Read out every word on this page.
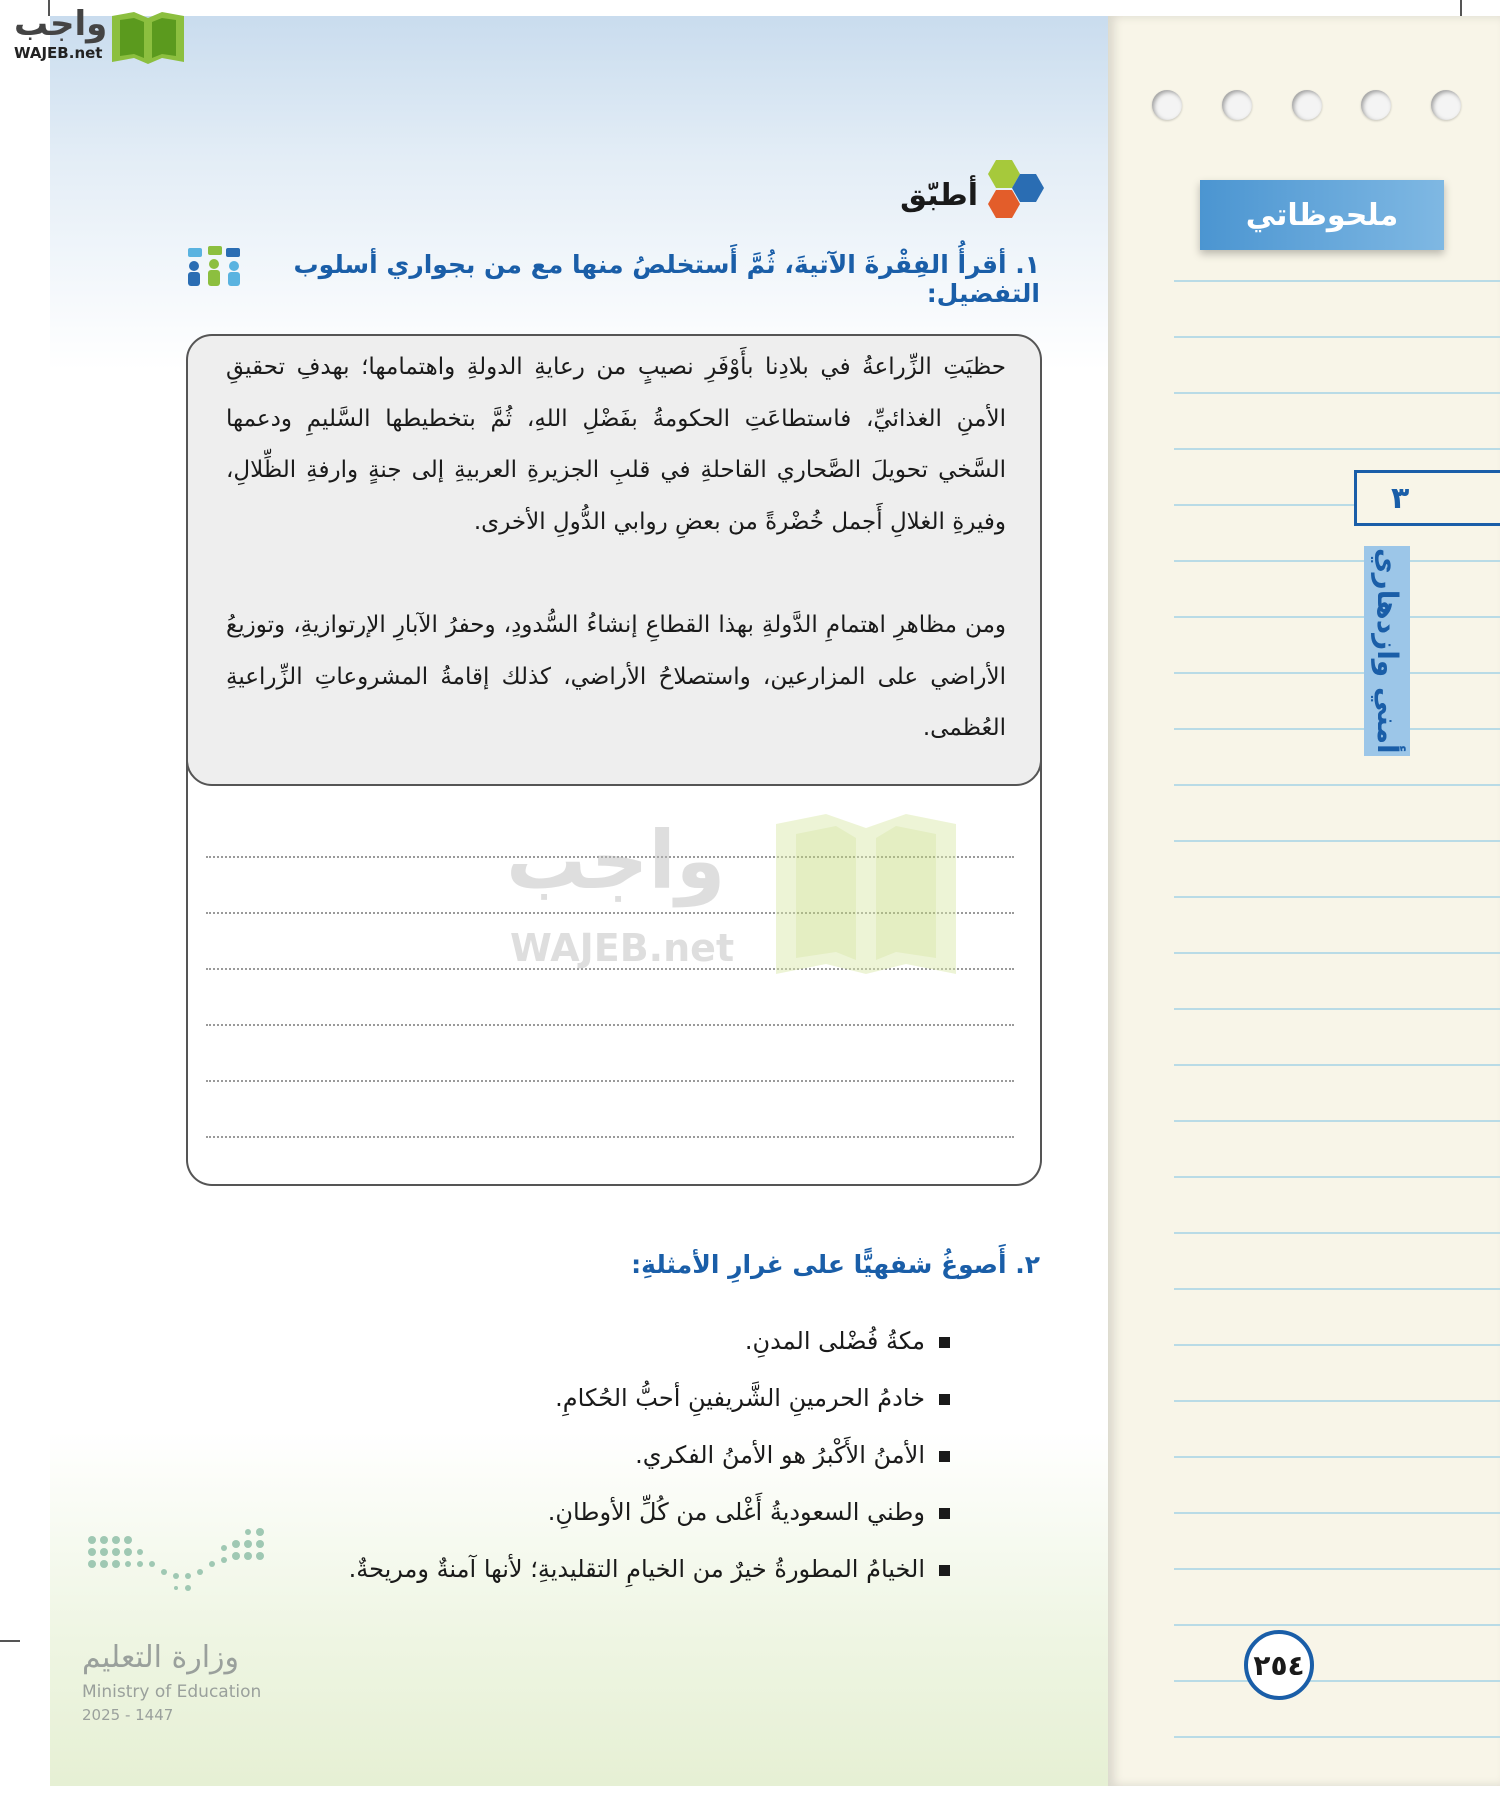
واجب
WAJEB.net
ملحوظاتي
٣
أمني وازدهاري
٢٥٤
أطبّق
١. أقرأُ الفِقْرةَ الآتيةَ، ثُمَّ أَستخلصُ منها مع من بجواري أسلوب التفضيل:

حظيَتِ الزِّراعةُ في بلادِنا بأَوْفَرِ نصيبٍ من رعايةِ الدولةِ واهتمامها؛ بهدفِ تحقيقِ الأمنِ الغذائيِّ، فاستطاعَتِ الحكومةُ بفَضْلِ اللهِ، ثُمَّ بتخطيطها السَّليمِ ودعمها السَّخي تحويلَ الصَّحاري القاحلةِ في قلبِ الجزيرةِ العربيةِ إلى جنةٍ وارفةِ الظِّلالِ، وفيرةِ الغلالِ أَجمل خُضْرةً من بعضِ روابي الدُّولِ الأخرى.

ومن مظاهرِ اهتمامِ الدَّولةِ بهذا القطاعِ إنشاءُ السُّدودِ، وحفرُ الآبارِ الإرتوازيةِ، وتوزيعُ الأراضي على المزارعين، واستصلاحُ الأراضي، كذلك إقامةُ المشروعاتِ الزِّراعيةِ العُظمى.

واجب
WAJEB.net
٢. أَصوغُ شفهيًّا على غرارِ الأمثلةِ:
مكةُ فُضْلى المدنِ.
خادمُ الحرمينِ الشَّريفينِ أحبُّ الحُكامِ.
الأمنُ الأَكْبرُ هو الأمنُ الفكري.
وطني السعوديةُ أَغْلى من كُلِّ الأوطانِ.
الخيامُ المطورةُ خيرٌ من الخيامِ التقليديةِ؛ لأنها آمنةٌ ومريحةٌ.
وزارة التعليم
Ministry of Education
2025 - 1447
